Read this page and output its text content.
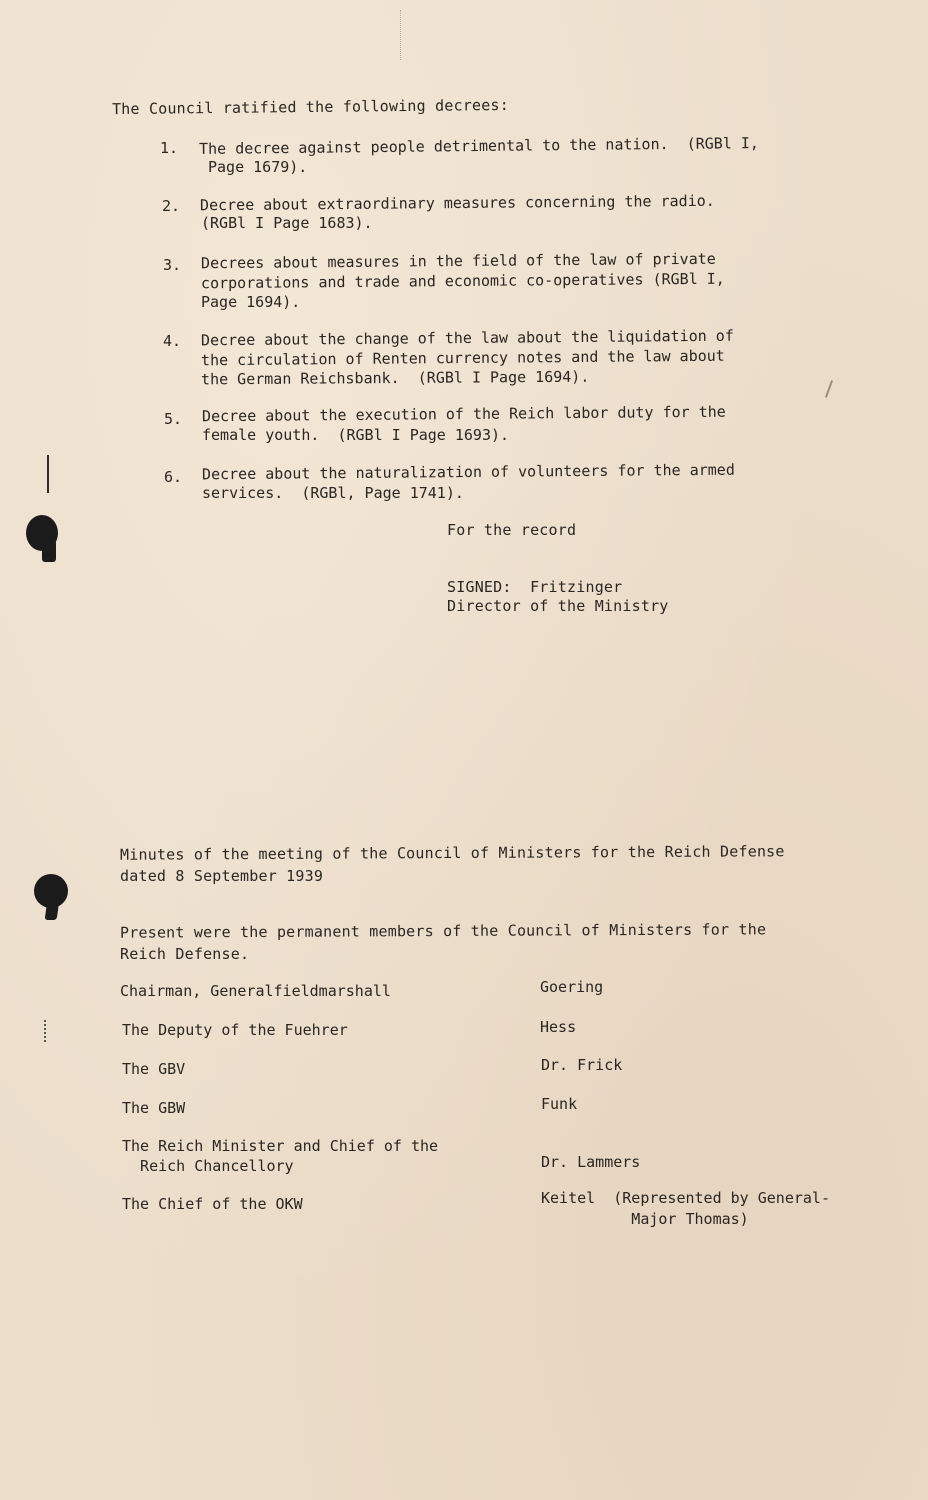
The Council ratified the following decrees:
1. The decree against people detrimental to the nation.  (RGBl I,
Page 1679).
2. Decree about extraordinary measures concerning the radio.
(RGBl I Page 1683).
3. Decrees about measures in the field of the law of private
corporations and trade and economic co-operatives (RGBl I,
Page 1694).
4. Decree about the change of the law about the liquidation of
the circulation of Renten currency notes and the law about
the German Reichsbank.  (RGBl I Page 1694).
5. Decree about the execution of the Reich labor duty for the
female youth.  (RGBl I Page 1693).
6. Decree about the naturalization of volunteers for the armed
services.  (RGBl, Page 1741).
For the record
SIGNED:  Fritzinger
Director of the Ministry
Minutes of the meeting of the Council of Ministers for the Reich Defense
dated 8 September 1939
Present were the permanent members of the Council of Ministers for the
Reich Defense.
Chairman, Generalfieldmarshall	Goering
The Deputy of the Fuehrer	Hess
The GBV	Dr. Frick
The GBW	Funk
The Reich Minister and Chief of the
Reich Chancellory	Dr. Lammers
The Chief of the OKW	Keitel  (Represented by General-
Major Thomas)
